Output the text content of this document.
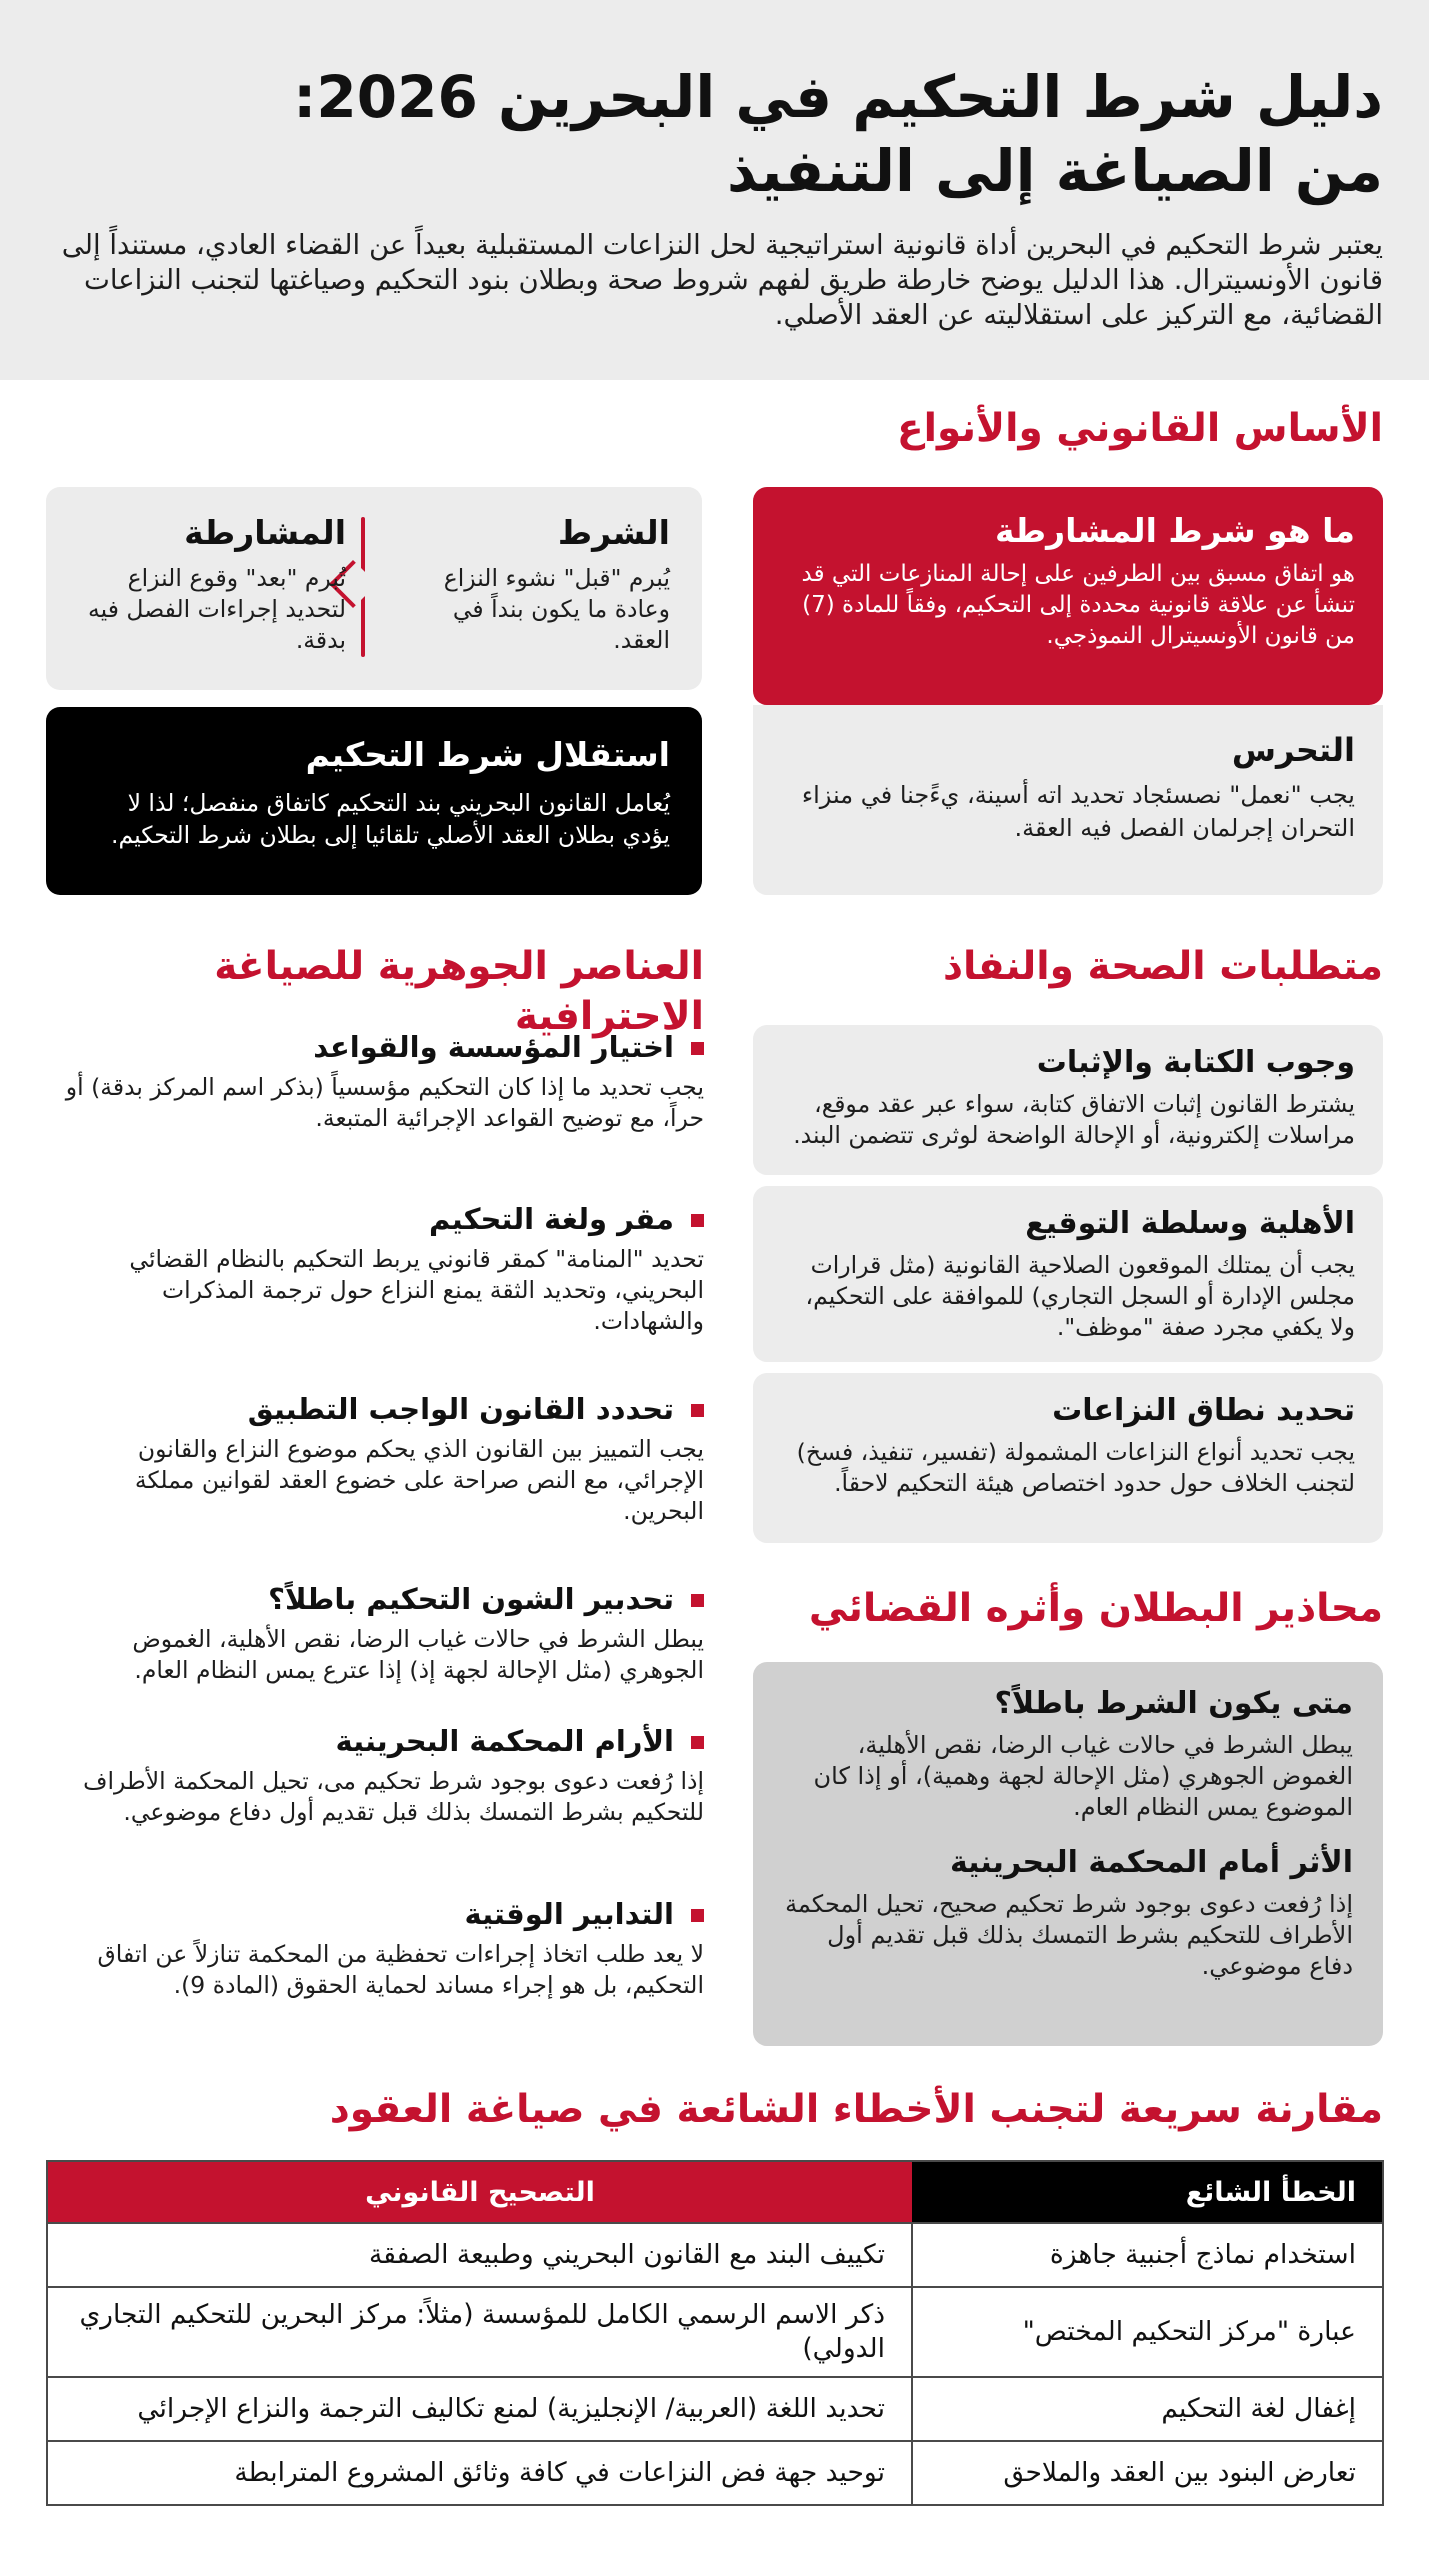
دليل شرط التحكيم في البحرين 2026:
من الصياغة إلى التنفيذ

يعتبر شرط التحكيم في البحرين أداة قانونية استراتيجية لحل النزاعات المستقبلية بعيداً عن القضاء العادي، مستنداً إلى قانون الأونسيترال. هذا الدليل يوضح خارطة طريق لفهم شروط صحة وبطلان بنود التحكيم وصياغتها لتجنب النزاعات القضائية، مع التركيز على استقلاليته عن العقد الأصلي.

الأساس القانوني والأنواع
ما هو شرط المشارطة
هو اتفاق مسبق بين الطرفين على إحالة المنازعات التي قد تنشأ عن علاقة قانونية محددة إلى التحكيم، وفقاً للمادة (7) من قانون الأونسيترال النموذجي.
التحرس
يجب "نعمل" نصسئجاد تحديد اته أسينة، يءًجنا في منزاء التحران إجرلمان الفصل فيه العقة.
الشرط
يُبرم "قبل" نشوء النزاع وعادة ما يكون بنداً في العقد.
المشارطة
تُبرم "بعد" وقوع النزاع لتحديد إجراءات الفصل فيه بدقة.
استقلال شرط التحكيم
يُعامل القانون البحريني بند التحكيم كاتفاق منفصل؛ لذا لا يؤدي بطلان العقد الأصلي تلقائيا إلى بطلان شرط التحكيم.
متطلبات الصحة والنفاذ
وجوب الكتابة والإثبات
يشترط القانون إثبات الاتفاق كتابة، سواء عبر عقد موقع، مراسلات إلكترونية، أو الإحالة الواضحة لوثرى تتضمن البند.
الأهلية وسلطة التوقيع
يجب أن يمتلك الموقعون الصلاحية القانونية (مثل قرارات مجلس الإدارة أو السجل التجاري) للموافقة على التحكيم، ولا يكفي مجرد صفة "موظف".
تحديد نطاق النزاعات
يجب تحديد أنواع النزاعات المشمولة (تفسير، تنفيذ، فسخ) لتجنب الخلاف حول حدود اختصاص هيئة التحكيم لاحقاً.
العناصر الجوهرية للصياغة الاحترافية
اختيار المؤسسة والقواعد
يجب تحديد ما إذا كان التحكيم مؤسسياً (بذكر اسم المركز بدقة) أو حراً، مع توضيح القواعد الإجرائية المتبعة.
مقر ولغة التحكيم
تحديد "المنامة" كمقر قانوني يربط التحكيم بالنظام القضائي البحريني، وتحديد الثقة يمنع النزاع حول ترجمة المذكرات والشهادات.
تحددد القانون الواجب التطبيق
يجب التمييز بين القانون الذي يحكم موضوع النزاع والقانون الإجرائي، مع النص صراحة على خضوع العقد لقوانين مملكة البحرين.
تحدبير الشون التحكيم باطلاً؟
يبطل الشرط في حالات غياب الرضا، نقص الأهلية، الغموض الجوهري (مثل الإحالة لجهة إذ) إذا عترع يمس النظام العام.
الأرام المحكمة البحرينية
إذا رُفعت دعوى بوجود شرط تحكيم مى، تحيل المحكمة الأطراف للتحكيم بشرط التمسك بذلك قبل تقديم أول دفاع موضوعي.
التدابير الوقتية
لا يعد طلب اتخاذ إجراءات تحفظية من المحكمة تنازلاً عن اتفاق التحكيم، بل هو إجراء مساند لحماية الحقوق (المادة 9).
محاذير البطلان وأثره القضائي
متى يكون الشرط باطلاً؟
يبطل الشرط في حالات غياب الرضا، نقص الأهلية، الغموض الجوهري (مثل الإحالة لجهة وهمية)، أو إذا كان الموضوع يمس النظام العام.
الأثر أمام المحكمة البحرينية
إذا رُفعت دعوى بوجود شرط تحكيم صحيح، تحيل المحكمة الأطراف للتحكيم بشرط التمسك بذلك قبل تقديم أول دفاع موضوعي.
مقارنة سريعة لتجنب الأخطاء الشائعة في صياغة العقود
الخطأ الشائع	التصحيح القانوني
استخدام نماذج أجنبية جاهزة	تكييف البند مع القانون البحريني وطبيعة الصفقة
عبارة "مركز التحكيم المختص"	ذكر الاسم الرسمي الكامل للمؤسسة (مثلاً: مركز البحرين للتحكيم التجاري الدولي)
إغفال لغة التحكيم	تحديد اللغة (العربية/ الإنجليزية) لمنع تكاليف الترجمة والنزاع الإجرائي
تعارض البنود بين العقد والملاحق	توحيد جهة فض النزاعات في كافة وثائق المشروع المترابطة
